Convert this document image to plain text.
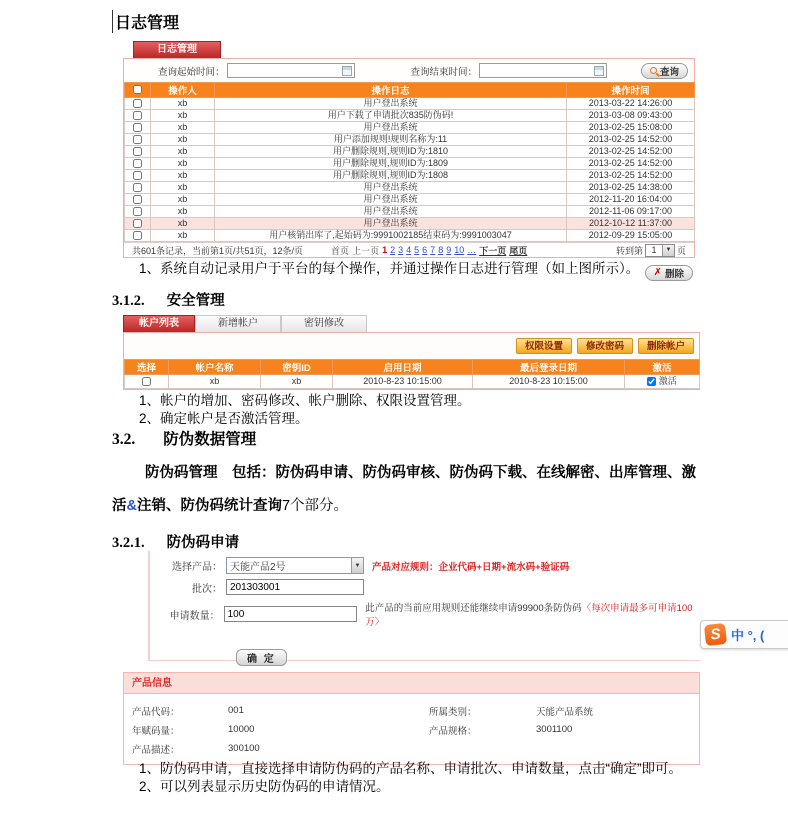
日志管理
日志管理
查询起始时间：	查询结束时间：	查询
	操作人	操作日志	操作时间
	xb	用户登出系统	2013-03-22 14:26:00
	xb	用户下载了申请批次835防伪码!	2013-03-08 09:43:00
	xb	用户登出系统	2013-02-25 15:08:00
	xb	用户添加规则!规则名称为:11	2013-02-25 14:52:00
	xb	用户删除规则,规则ID为:1810	2013-02-25 14:52:00
	xb	用户删除规则,规则ID为:1809	2013-02-25 14:52:00
	xb	用户删除规则,规则ID为:1808	2013-02-25 14:52:00
	xb	用户登出系统	2013-02-25 14:38:00
	xb	用户登出系统	2012-11-20 16:04:00
	xb	用户登出系统	2012-11-06 09:17:00
	xb	用户登出系统	2012-10-12 11:37:00
	xb	用户核销出库了,起始码为:9991002185结束码为:9991003047	2012-09-29 15:05:00
共601条记录，当前第1页/共51页，12条/页	首页 上一页 1 2 3 4 5 6 7 8 9 10 … 下一页 尾页	转到第 1	▼ 页
✗ 删除
1、系统自动记录用户于平台的每个操作，并通过操作日志进行管理（如上图所示）。
3.1.2. 安全管理
帐户列表	新增帐户	密钥修改
权限设置	修改密码	删除帐户
选择	帐户名称	密钥ID	启用日期	最后登录日期	激活
	xb	xb	2010-8-23 10:15:00	2010-8-23 10:15:00	激活
1、帐户的增加、密码修改、帐户删除、权限设置管理。
2、确定帐户是否激活管理。
3.2. 防伪数据管理
防伪码管理　包括：防伪码申请、防伪码审核、防伪码下载、在线解密、出库管理、激活&注销、防伪码统计查询7个部分。
3.2.1. 防伪码申请
选择产品： 天能产品2号	▼ 产品对应规则：企业代码+日期+流水码+验证码
批次： 201303001
申请数量： 100	此产品的当前应用规则还能继续申请99900条防伪码〈每次申请最多可申请100万〉
确 定
S 中 °, (
产品信息
产品代码：	001	所属类别：	天能产品系统
年赋码量：	10000	产品规格：	3001100
产品描述：	300100
1、防伪码申请，直接选择申请防伪码的产品名称、申请批次、申请数量，点击“确定”即可。
2、可以列表显示历史防伪码的申请情况。
